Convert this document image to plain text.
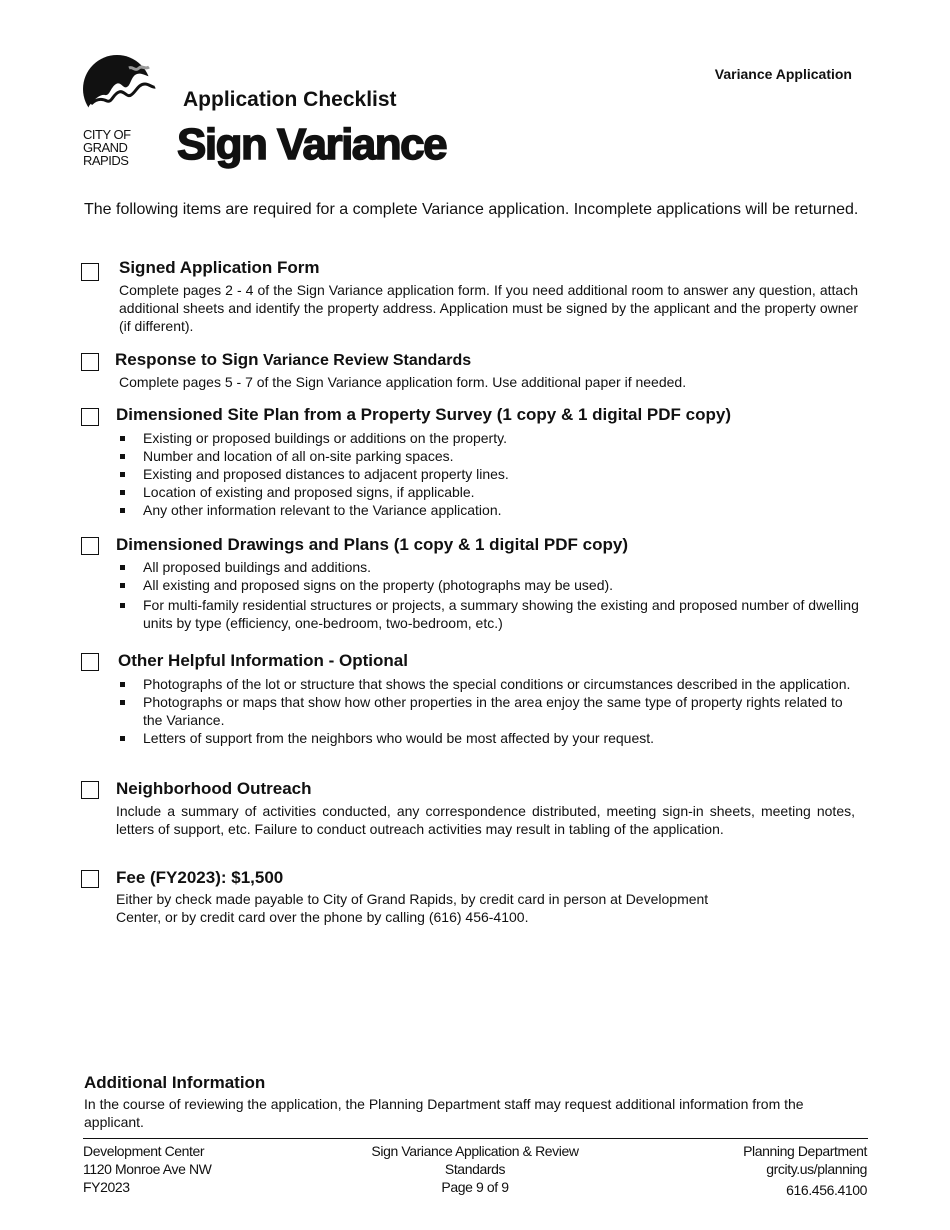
CITY OF
GRAND
RAPIDS
Variance Application
Application Checklist
Sign Variance
The following items are required for a complete Variance application. Incomplete applications will be returned.
Signed Application Form
Complete pages 2 - 4 of the Sign Variance application form. If you need additional room to answer any question, attach additional sheets and identify the property address. Application must be signed by the applicant and the property owner (if different).
Response to Sign Variance Review Standards
Complete pages 5 - 7 of the Sign Variance application form. Use additional paper if needed.
Dimensioned Site Plan from a Property Survey (1 copy & 1 digital PDF copy)
Existing or proposed buildings or additions on the property.
Number and location of all on-site parking spaces.
Existing and proposed distances to adjacent property lines.
Location of existing and proposed signs, if applicable.
Any other information relevant to the Variance application.
Dimensioned Drawings and Plans (1 copy & 1 digital PDF copy)
All proposed buildings and additions.
All existing and proposed signs on the property (photographs may be used).
For multi-family residential structures or projects, a summary showing the existing and proposed number of dwelling units by type (efficiency, one-bedroom, two-bedroom, etc.)
Other Helpful Information - Optional
Photographs of the lot or structure that shows the special conditions or circumstances described in the application.
Photographs or maps that show how other properties in the area enjoy the same type of property rights related to the Variance.
Letters of support from the neighbors who would be most affected by your request.
Neighborhood Outreach
Include a summary of activities conducted, any correspondence distributed, meeting sign-in sheets, meeting notes, letters of support, etc. Failure to conduct outreach activities may result in tabling of the application.
Fee (FY2023): $1,500
Either by check made payable to City of Grand Rapids, by credit card in person at Development
Center, or by credit card over the phone by calling (616) 456-4100.
Additional Information
In the course of reviewing the application, the Planning Department staff may request additional information from the applicant.
Development Center
1120 Monroe Ave NW
FY2023
Sign Variance Application & Review
Standards
Page 9 of 9
Planning Department
grcity.us/planning
616.456.4100
